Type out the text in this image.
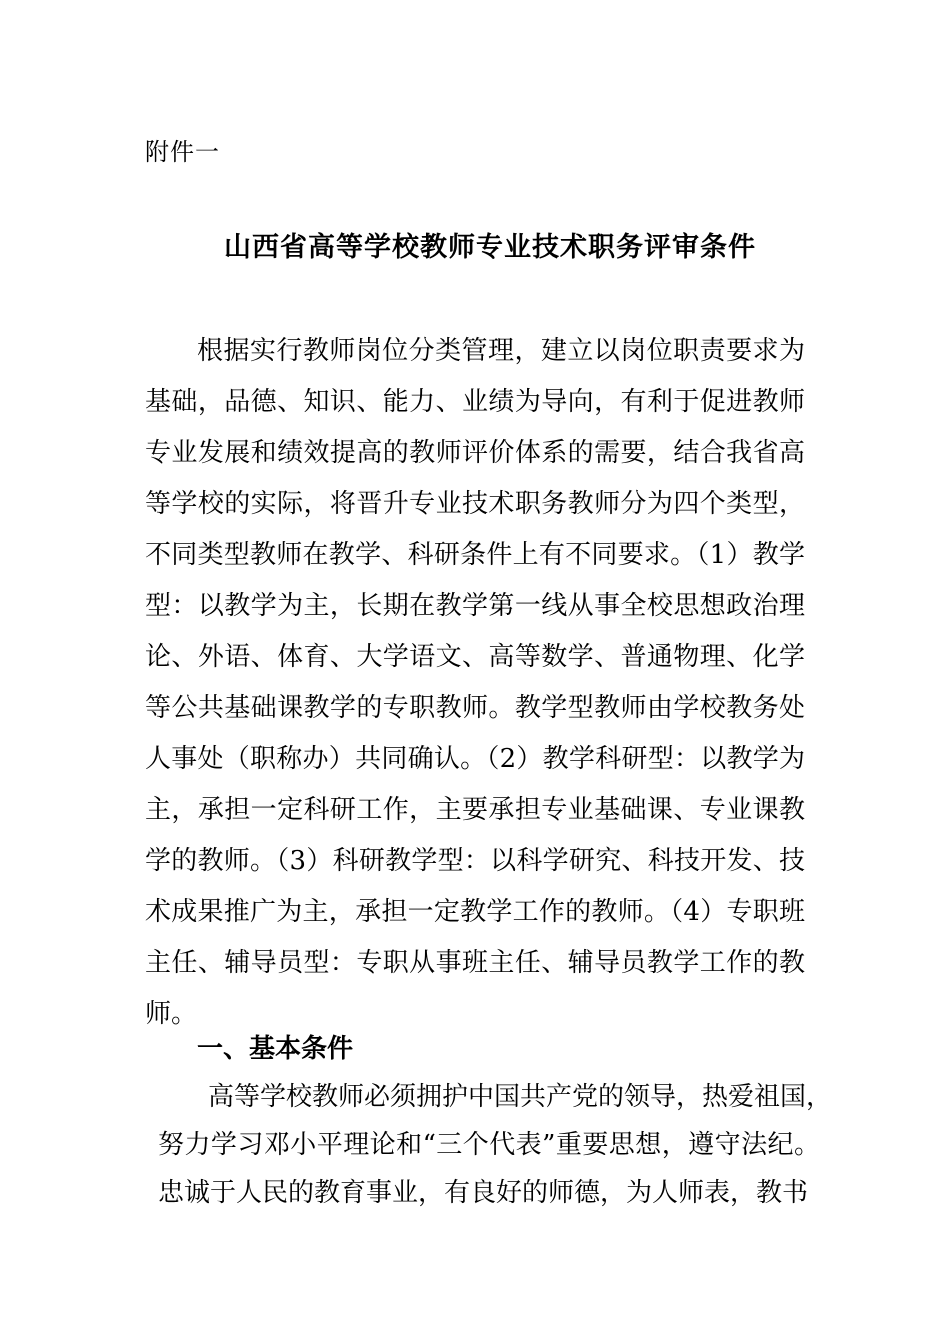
附件一
山西省高等学校教师专业技术职务评审条件
根据实行教师岗位分类管理，建立以岗位职责要求为
基础，品德、知识、能力、业绩为导向，有利于促进教师
专业发展和绩效提高的教师评价体系的需要，结合我省高
等学校的实际，将晋升专业技术职务教师分为四个类型，
不同类型教师在教学、科研条件上有不同要求。（1）教学
型：以教学为主，长期在教学第一线从事全校思想政治理
论、外语、体育、大学语文、高等数学、普通物理、化学
等公共基础课教学的专职教师。教学型教师由学校教务处
人事处（职称办）共同确认。（2）教学科研型：以教学为
主，承担一定科研工作，主要承担专业基础课、专业课教
学的教师。（3）科研教学型：以科学研究、科技开发、技
术成果推广为主，承担一定教学工作的教师。（4）专职班
主任、辅导员型：专职从事班主任、辅导员教学工作的教
师。
一、基本条件
高等学校教师必须拥护中国共产党的领导，热爱祖国，
努力学习邓小平理论和“三个代表”重要思想，遵守法纪。
忠诚于人民的教育事业，有良好的师德，为人师表，教书
